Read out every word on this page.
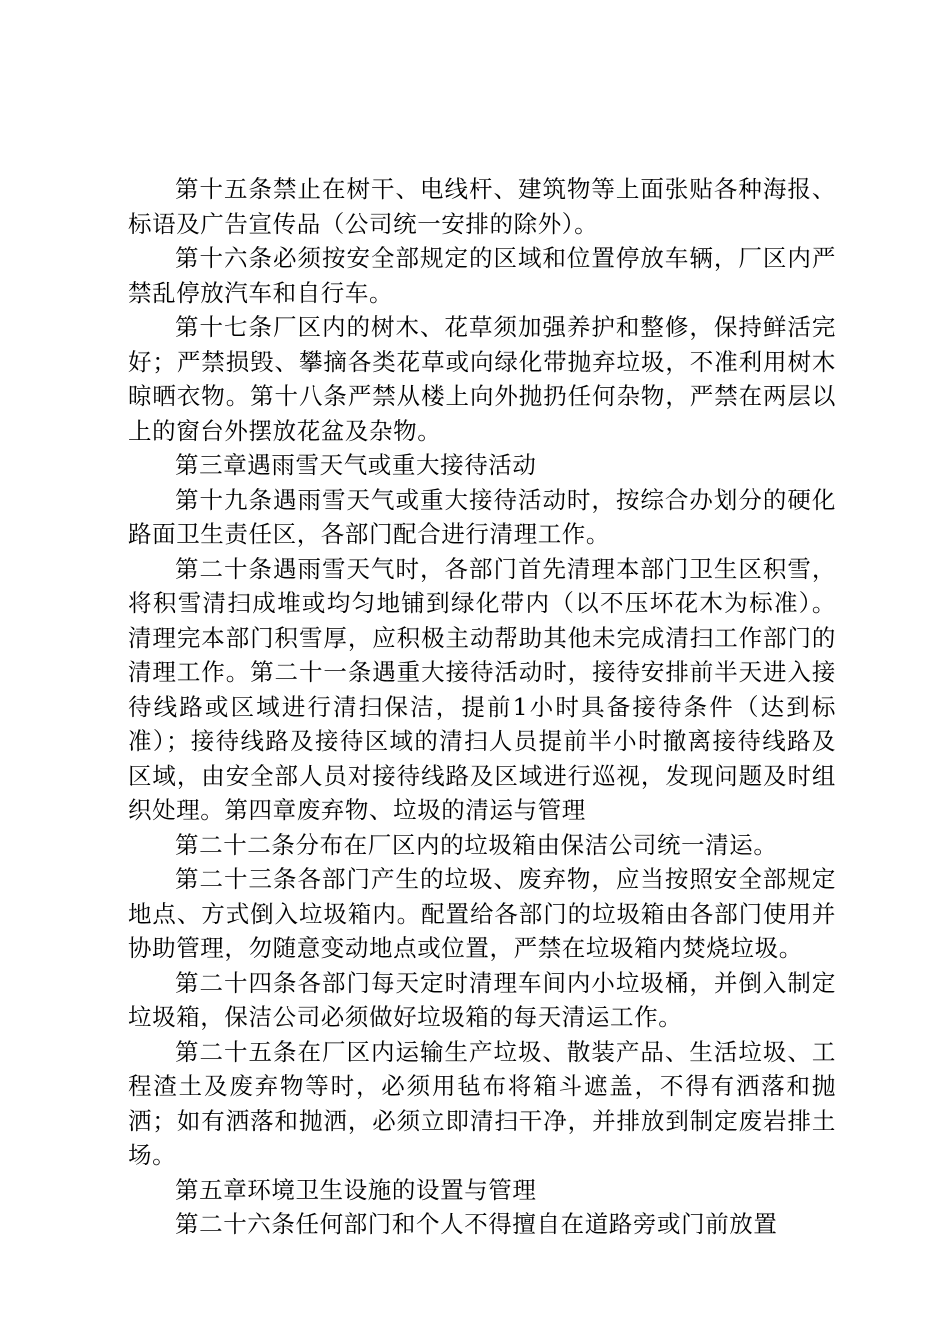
第十五条禁止在树干、电线杆、建筑物等上面张贴各种海报、标语及广告宣传品（公司统一安排的除外）。

第十六条必须按安全部规定的区域和位置停放车辆，厂区内严禁乱停放汽车和自行车。

第十七条厂区内的树木、花草须加强养护和整修，保持鲜活完好；严禁损毁、攀摘各类花草或向绿化带抛弃垃圾，不准利用树木晾晒衣物。第十八条严禁从楼上向外抛扔任何杂物，严禁在两层以上的窗台外摆放花盆及杂物。

第三章遇雨雪天气或重大接待活动

第十九条遇雨雪天气或重大接待活动时，按综合办划分的硬化路面卫生责任区，各部门配合进行清理工作。

第二十条遇雨雪天气时，各部门首先清理本部门卫生区积雪，将积雪清扫成堆或均匀地铺到绿化带内（以不压坏花木为标准）。清理完本部门积雪厚，应积极主动帮助其他未完成清扫工作部门的清理工作。第二十一条遇重大接待活动时，接待安排前半天进入接待线路或区域进行清扫保洁，提前1小时具备接待条件（达到标准）；接待线路及接待区域的清扫人员提前半小时撤离接待线路及区域，由安全部人员对接待线路及区域进行巡视，发现问题及时组织处理。第四章废弃物、垃圾的清运与管理

第二十二条分布在厂区内的垃圾箱由保洁公司统一清运。

第二十三条各部门产生的垃圾、废弃物，应当按照安全部规定地点、方式倒入垃圾箱内。配置给各部门的垃圾箱由各部门使用并协助管理，勿随意变动地点或位置，严禁在垃圾箱内焚烧垃圾。

第二十四条各部门每天定时清理车间内小垃圾桶，并倒入制定垃圾箱，保洁公司必须做好垃圾箱的每天清运工作。

第二十五条在厂区内运输生产垃圾、散装产品、生活垃圾、工程渣土及废弃物等时，必须用毡布将箱斗遮盖，不得有洒落和抛洒；如有洒落和抛洒，必须立即清扫干净，并排放到制定废岩排土场。

第五章环境卫生设施的设置与管理

第二十六条任何部门和个人不得擅自在道路旁或门前放置
